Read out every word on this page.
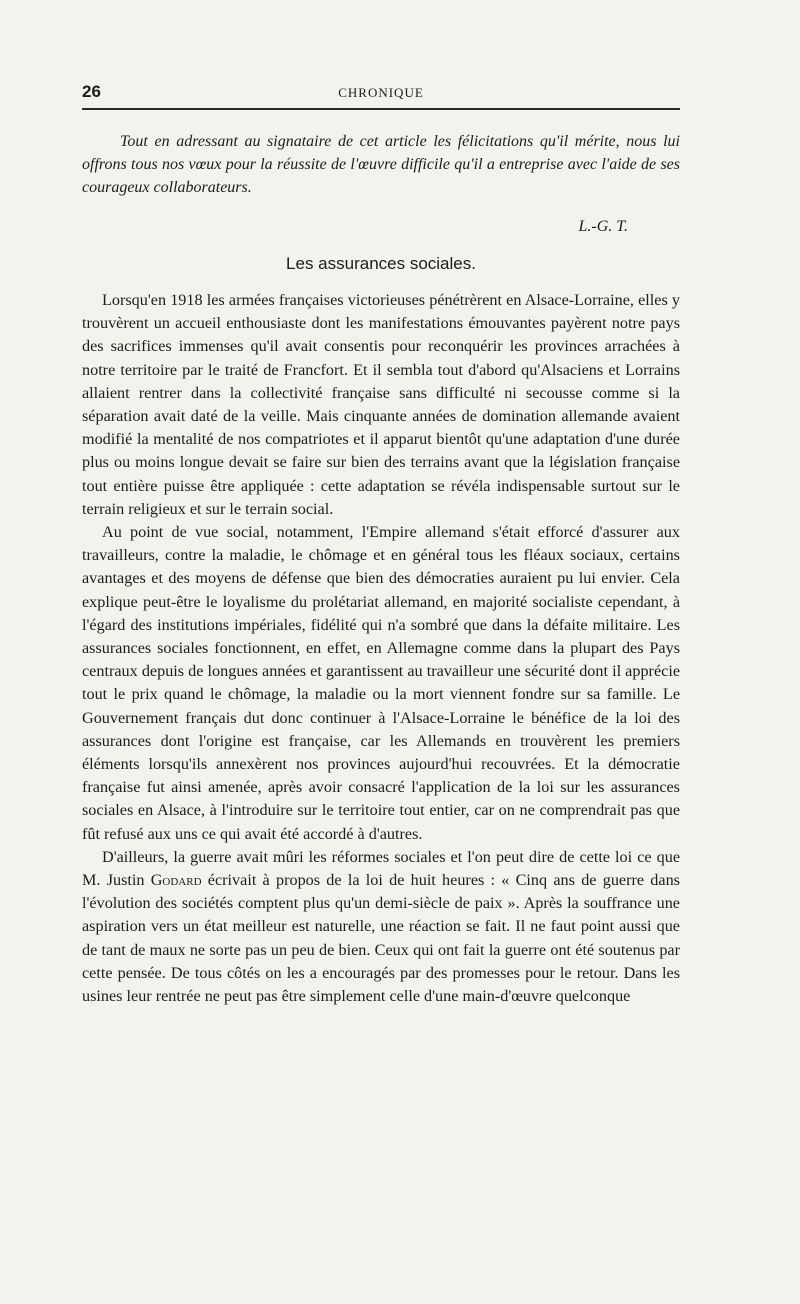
26	CHRONIQUE

Tout en adressant au signataire de cet article les félicitations qu'il mérite, nous lui offrons tous nos vœux pour la réussite de l'œuvre difficile qu'il a entreprise avec l'aide de ses courageux collaborateurs.

L.-G. T.
Les assurances sociales.

Lorsqu'en 1918 les armées françaises victorieuses pénétrèrent en Alsace-Lorraine, elles y trouvèrent un accueil enthousiaste dont les manifestations émouvantes payèrent notre pays des sacrifices immenses qu'il avait consentis pour reconquérir les provinces arrachées à notre territoire par le traité de Francfort. Et il sembla tout d'abord qu'Alsaciens et Lorrains allaient rentrer dans la collectivité française sans difficulté ni secousse comme si la séparation avait daté de la veille. Mais cinquante années de domination allemande avaient modifié la mentalité de nos compatriotes et il apparut bientôt qu'une adaptation d'une durée plus ou moins longue devait se faire sur bien des terrains avant que la législation française tout entière puisse être appliquée : cette adaptation se révéla indispensable surtout sur le terrain religieux et sur le terrain social.

Au point de vue social, notamment, l'Empire allemand s'était efforcé d'assurer aux travailleurs, contre la maladie, le chômage et en général tous les fléaux sociaux, certains avantages et des moyens de défense que bien des démocraties auraient pu lui envier. Cela explique peut-être le loyalisme du prolétariat allemand, en majorité socialiste cependant, à l'égard des institutions impériales, fidélité qui n'a sombré que dans la défaite militaire. Les assurances sociales fonctionnent, en effet, en Allemagne comme dans la plupart des Pays centraux depuis de longues années et garantissent au travailleur une sécurité dont il apprécie tout le prix quand le chômage, la maladie ou la mort viennent fondre sur sa famille. Le Gouvernement français dut donc continuer à l'Alsace-Lorraine le bénéfice de la loi des assurances dont l'origine est française, car les Allemands en trouvèrent les premiers éléments lorsqu'ils annexèrent nos provinces aujourd'hui recouvrées. Et la démocratie française fut ainsi amenée, après avoir consacré l'application de la loi sur les assurances sociales en Alsace, à l'introduire sur le territoire tout entier, car on ne comprendrait pas que fût refusé aux uns ce qui avait été accordé à d'autres.

D'ailleurs, la guerre avait mûri les réformes sociales et l'on peut dire de cette loi ce que M. Justin Godard écrivait à propos de la loi de huit heures : « Cinq ans de guerre dans l'évolution des sociétés comptent plus qu'un demi-siècle de paix ». Après la souffrance une aspiration vers un état meilleur est naturelle, une réaction se fait. Il ne faut point aussi que de tant de maux ne sorte pas un peu de bien. Ceux qui ont fait la guerre ont été soutenus par cette pensée. De tous côtés on les a encouragés par des promesses pour le retour. Dans les usines leur rentrée ne peut pas être simplement celle d'une main-d'œuvre quelconque
